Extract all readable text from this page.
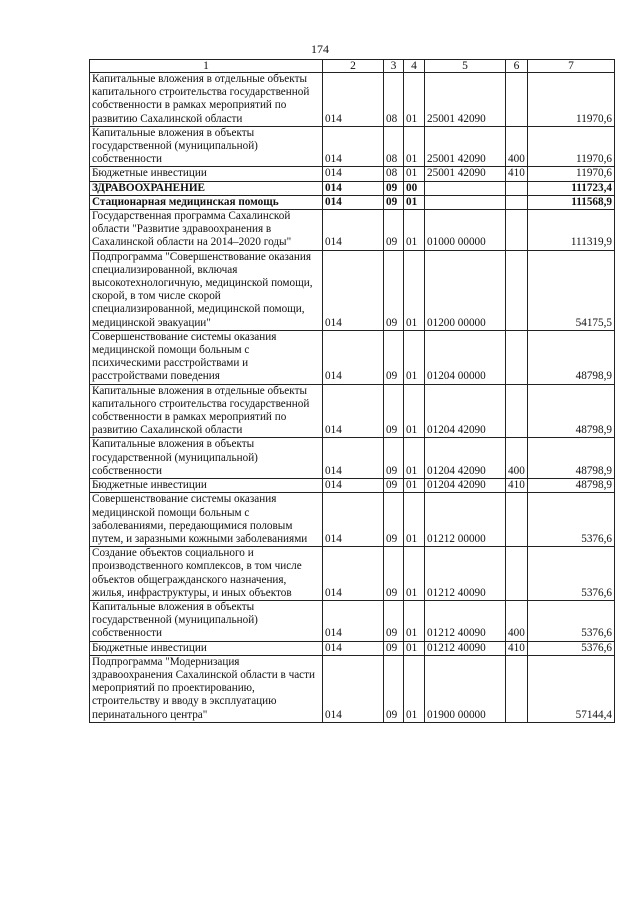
174
1	2	3	4	5	6	7
Капитальные вложения в отдельные объекты капитального строительства государственной собственности в рамках мероприятий по развитию Сахалинской области	014	08	01	25001 42090		11970,6
Капитальные вложения в объекты государственной (муниципальной) собственности	014	08	01	25001 42090	400	11970,6
Бюджетные инвестиции	014	08	01	25001 42090	410	11970,6
ЗДРАВООХРАНЕНИЕ	014	09	00			111723,4
Стационарная медицинская помощь	014	09	01			111568,9
Государственная программа Сахалинской области "Развитие здравоохранения в Сахалинской области на 2014–2020 годы"	014	09	01	01000 00000		111319,9
Подпрограмма "Совершенствование оказания специализированной, включая высокотехнологичную, медицинской помощи, скорой, в том числе скорой специализированной, медицинской помощи, медицинской эвакуации"	014	09	01	01200 00000		54175,5
Совершенствование системы оказания медицинской помощи больным с психическими расстройствами и расстройствами поведения	014	09	01	01204 00000		48798,9
Капитальные вложения в отдельные объекты капитального строительства государственной собственности в рамках мероприятий по развитию Сахалинской области	014	09	01	01204 42090		48798,9
Капитальные вложения в объекты государственной (муниципальной) собственности	014	09	01	01204 42090	400	48798,9
Бюджетные инвестиции	014	09	01	01204 42090	410	48798,9
Совершенствование системы оказания медицинской помощи больным с заболеваниями, передающимися половым путем, и заразными кожными заболеваниями	014	09	01	01212 00000		5376,6
Создание объектов социального и производственного комплексов, в том числе объектов общегражданского назначения, жилья, инфраструктуры, и иных объектов	014	09	01	01212 40090		5376,6
Капитальные вложения в объекты государственной (муниципальной) собственности	014	09	01	01212 40090	400	5376,6
Бюджетные инвестиции	014	09	01	01212 40090	410	5376,6
Подпрограмма "Модернизация здравоохранения Сахалинской области в части мероприятий по проектированию, строительству и вводу в эксплуатацию перинатального центра"	014	09	01	01900 00000		57144,4
